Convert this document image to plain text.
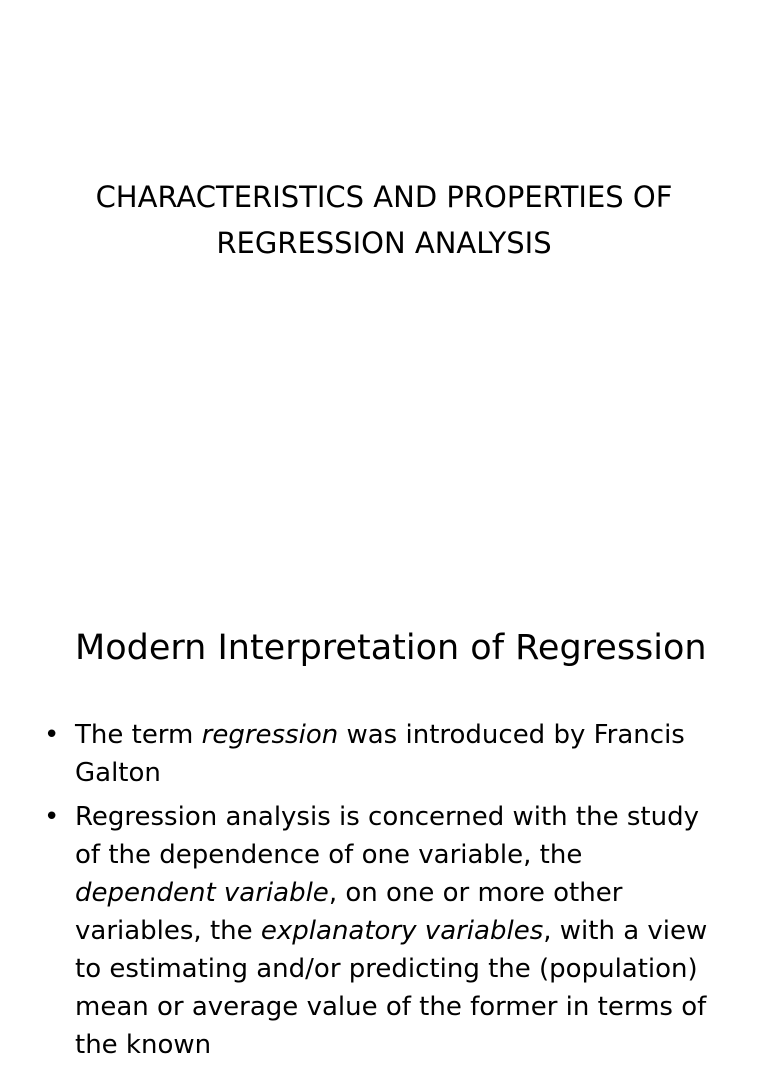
CHARACTERISTICS AND PROPERTIES OF
REGRESSION ANALYSIS
Modern Interpretation of Regression
• The term regression was introduced by Francis Galton
• Regression analysis is concerned with the study of the dependence of one variable, the dependent variable, on one or more other variables, the explanatory variables, with a view to estimating and/or predicting the (population) mean or average value of the former in terms of the known
